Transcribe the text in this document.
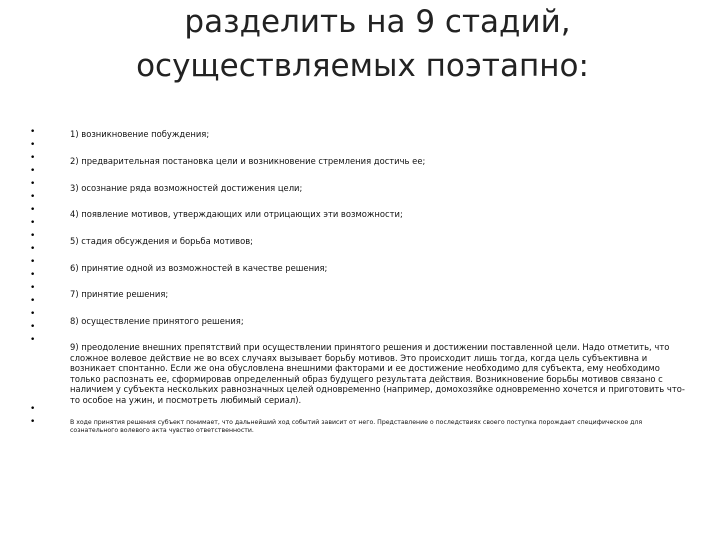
разделить на 9 стадий,
осуществляемых поэтапно:
•
•
•
•
•
•
•
•
•
•
•
•
•
•
•
•
•
•
•
1) возникновение побуждения;
2) предварительная постановка цели и возникновение стремления достичь ее;
3) осознание ряда возможностей достижения цели;
4) появление мотивов, утверждающих или отрицающих эти возможности;
5) стадия обсуждения и борьба мотивов;
6) принятие одной из возможностей в качестве решения;
7) принятие решения;
8) осуществление принятого решения;
9) преодоление внешних препятствий при осуществлении принятого решения и достижении поставленной цели. Надо отметить, что сложное волевое действие не во всех случаях вызывает борьбу мотивов. Это происходит лишь тогда, когда цель субъективна и возникает спонтанно. Если же она обусловлена внешними факторами и ее достижение необходимо для субъекта, ему необходимо только распознать ее, сформировав определенный образ будущего результата действия. Возникновение борьбы мотивов связано с наличием у субъекта нескольких равнозначных целей одновременно (например, домохозяйке одновременно хочется и приготовить что-то особое на ужин, и посмотреть любимый сериал).
В ходе принятия решения субъект понимает, что дальнейший ход событий зависит от него. Представление о последствиях своего поступка порождает специфическое для сознательного волевого акта чувство ответственности.
